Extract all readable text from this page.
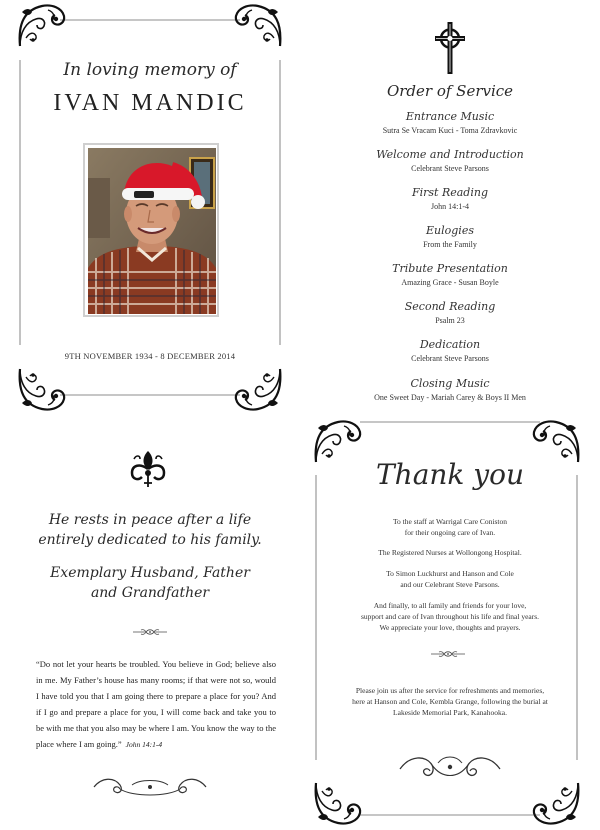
In loving memory of
IVAN MANDIC
9TH NOVEMBER 1934 - 8 DECEMBER 2014
Order of Service
Entrance Music
Sutra Se Vracam Kuci - Toma Zdravkovic
Welcome and Introduction
Celebrant Steve Parsons
First Reading
John 14:1-4
Eulogies
From the Family
Tribute Presentation
Amazing Grace - Susan Boyle
Second Reading
Psalm 23
Dedication
Celebrant Steve Parsons
Closing Music
One Sweet Day - Mariah Carey & Boys II Men
He rests in peace after a life
entirely dedicated to his family.
Exemplary Husband, Father
and Grandfather
“Do not let your hearts be troubled. You believe in God; believe also in me. My Father’s house has many rooms; if that were not so, would I have told you that I am going there to prepare a place for you? And if I go and prepare a place for you, I will come back and take you to be with me that you also may be where I am. You know the way to the place where I am going.” John 14:1-4
Thank you
To the staff at Warrigal Care Coniston
for their ongoing care of Ivan.
The Registered Nurses at Wollongong Hospital.
To Simon Luckhurst and Hanson and Cole
and our Celebrant Steve Parsons.
And finally, to all family and friends for your love,
support and care of Ivan throughout his life and final years.
We appreciate your love, thoughts and prayers.
Please join us after the service for refreshments and memories,
here at Hanson and Cole, Kembla Grange, following the burial at
Lakeside Memorial Park, Kanahooka.
